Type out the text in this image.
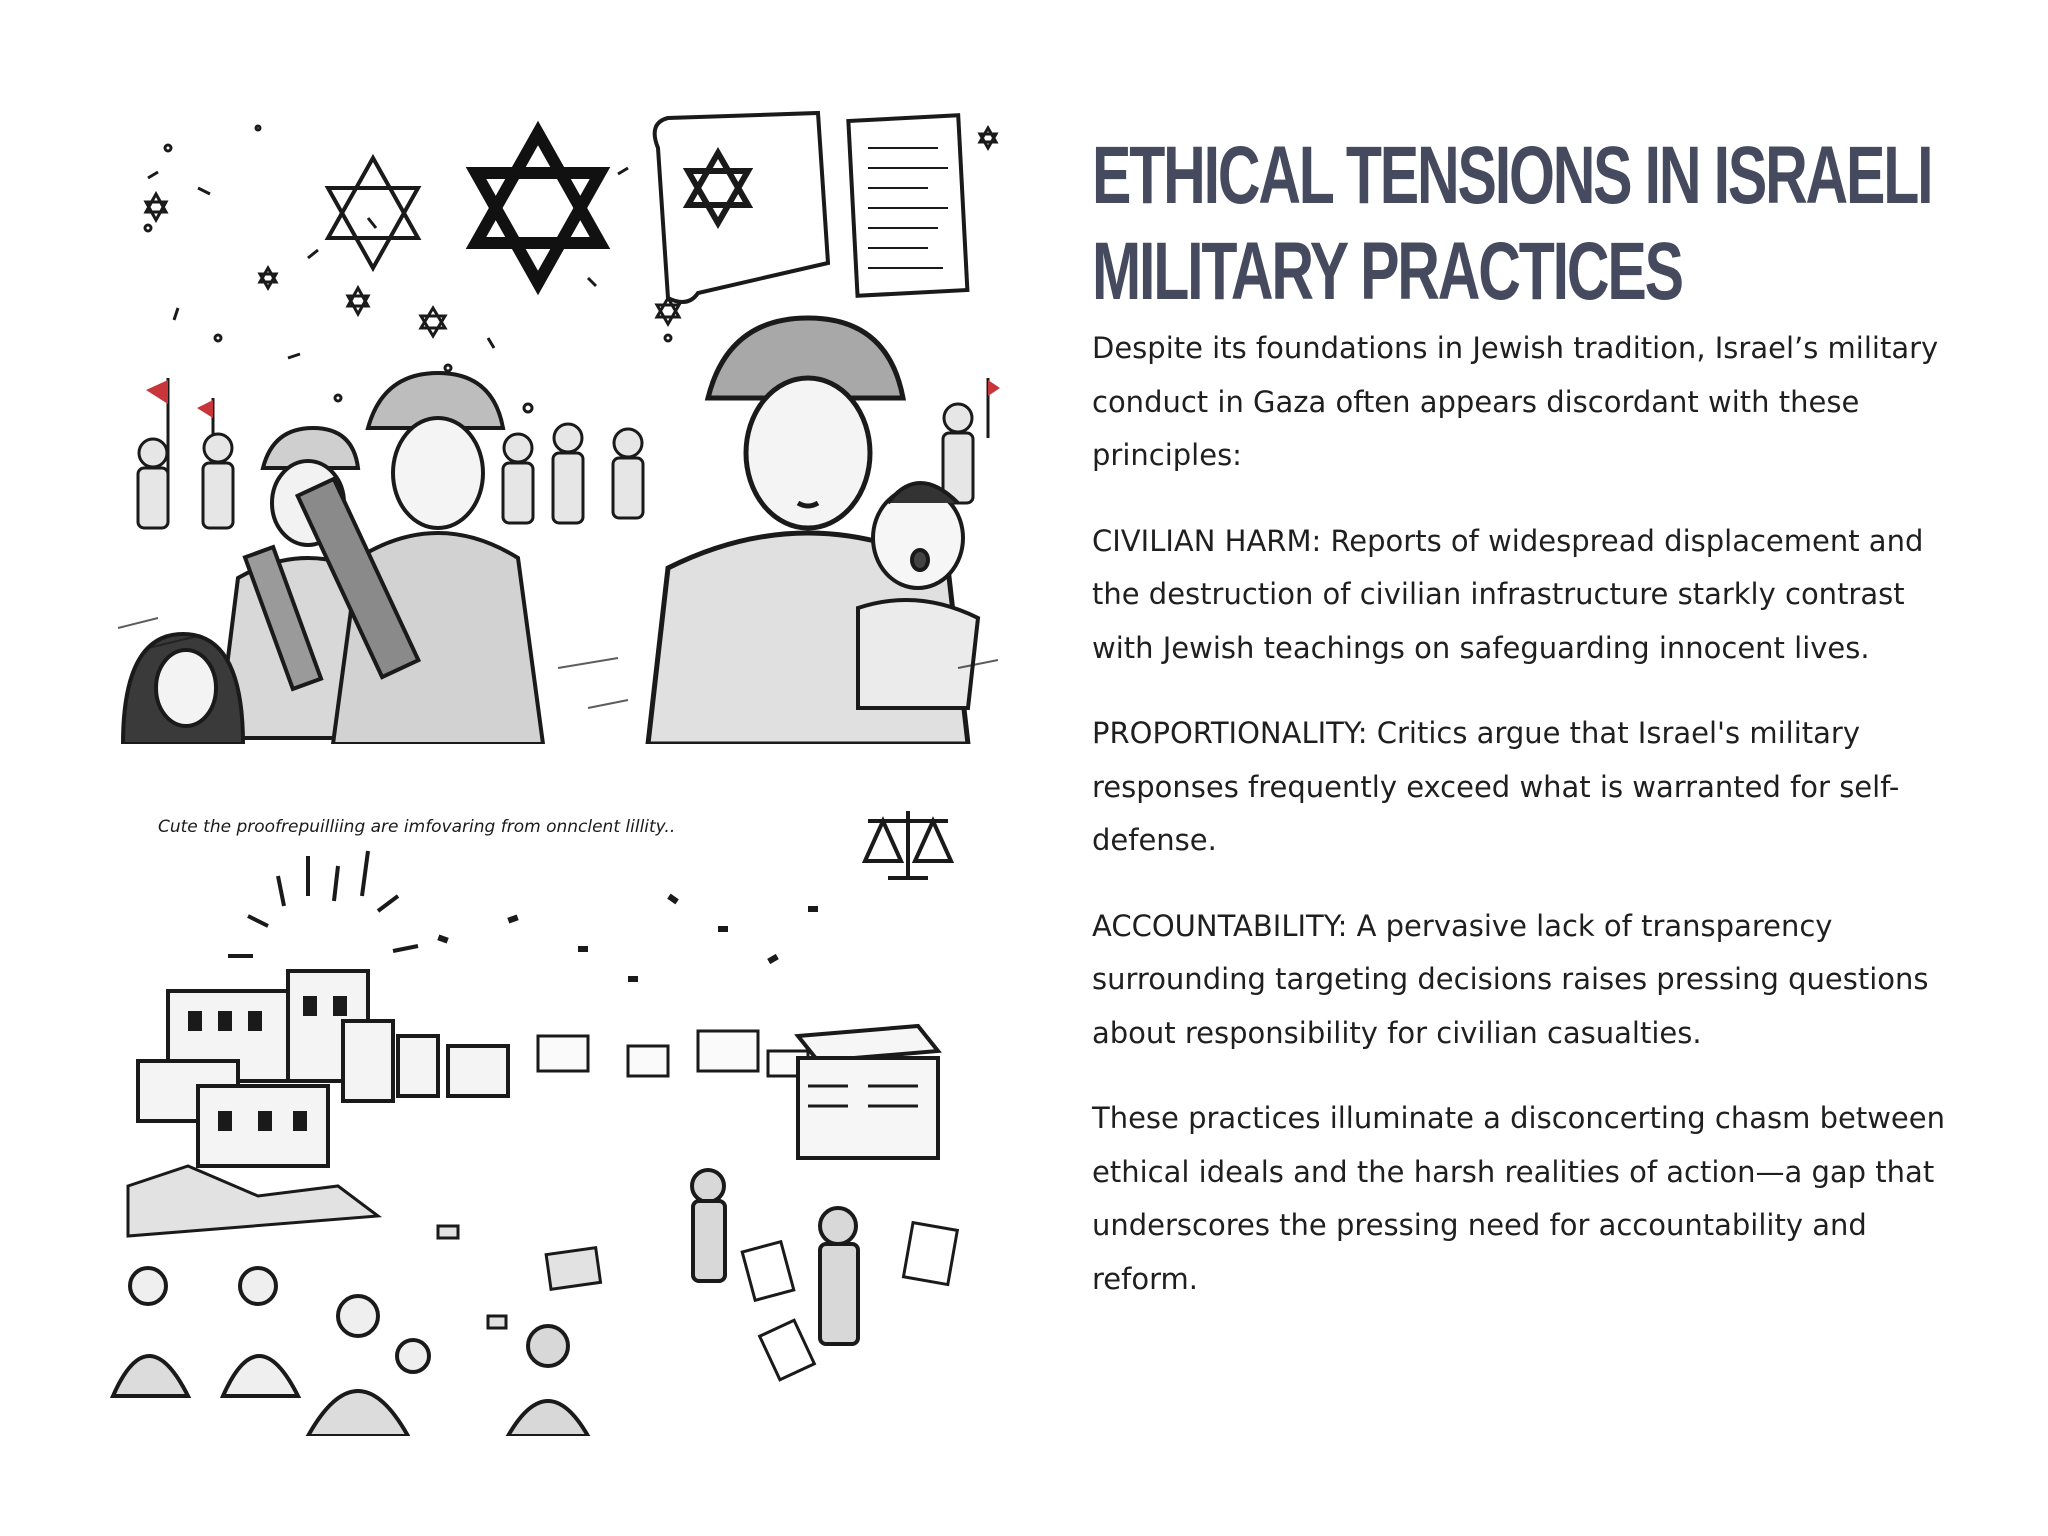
Cute the proofrepuilliing are imfovaring from onnclent lillity..
ETHICAL TENSIONS IN ISRAELI MILITARY PRACTICES

Despite its foundations in Jewish tradition, Israel’s military conduct in Gaza often appears discordant with these principles:

CIVILIAN HARM: Reports of widespread displacement and the destruction of civilian infrastructure starkly contrast with Jewish teachings on safeguarding innocent lives.

PROPORTIONALITY: Critics argue that Israel's military responses frequently exceed what is warranted for self-defense.

ACCOUNTABILITY: A pervasive lack of transparency surrounding targeting decisions raises pressing questions about responsibility for civilian casualties.

These practices illuminate a disconcerting chasm between ethical ideals and the harsh realities of action—a gap that underscores the pressing need for accountability and reform.
